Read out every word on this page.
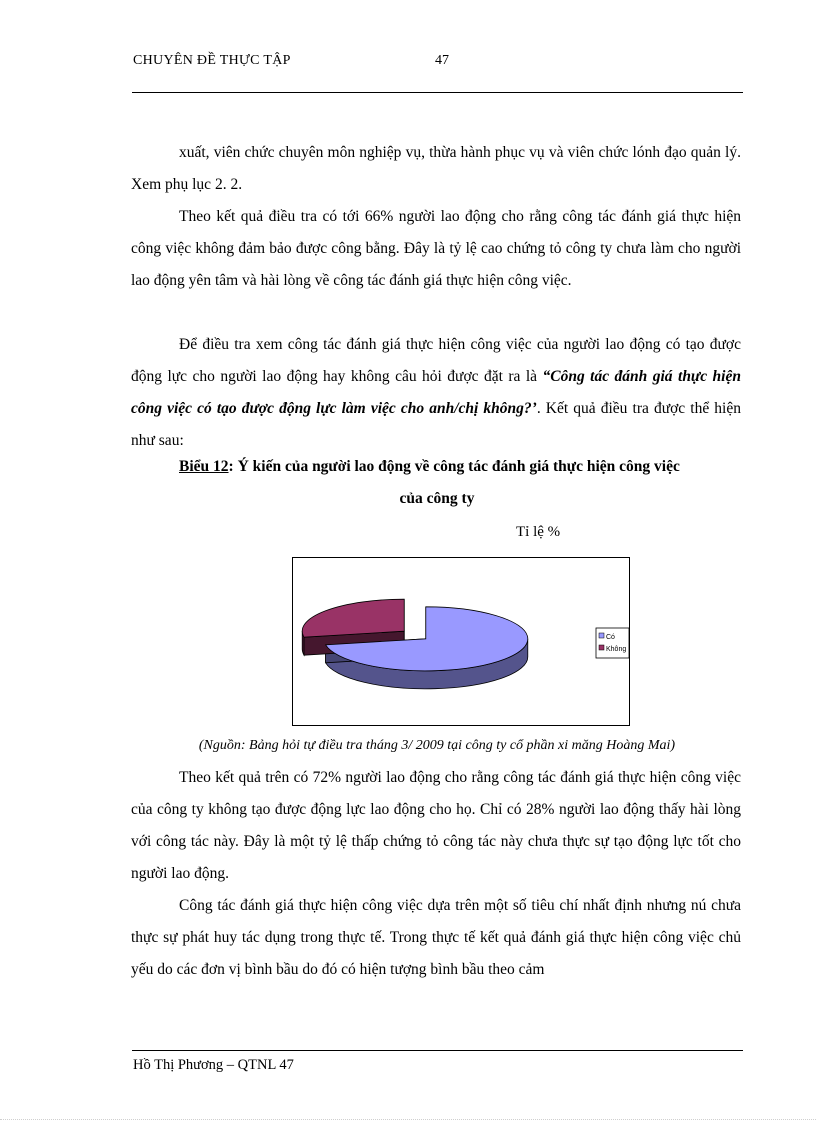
CHUYÊN ĐỀ THỰC TẬP	47

xuất, viên chức chuyên môn nghiệp vụ, thừa hành phục vụ và viên chức lónh đạo quản lý. Xem phụ lục 2. 2.

Theo kết quả điều tra có tới 66% người lao động cho rằng công tác đánh giá thực hiện công việc không đảm bảo được công bằng. Đây là tỷ lệ cao chứng tỏ công ty chưa làm cho người lao động yên tâm và hài lòng về công tác đánh giá thực hiện công việc.

Để điều tra xem công tác đánh giá thực hiện công việc của người lao động có tạo được động lực cho người lao động hay không câu hỏi được đặt ra là “Công tác đánh giá thực hiện công việc có tạo được động lực làm việc cho anh/chị không?’. Kết quả điều tra được thể hiện như sau:

Biểu 12: Ý kiến của người lao động về công tác đánh giá thực hiện công việc
của công ty
Tỉ lệ %
Có
Không
(Nguồn: Bảng hỏi tự điều tra tháng 3/ 2009 tại công ty cổ phần xi măng Hoàng Mai)

Theo kết quả trên có 72% người lao động cho rằng công tác đánh giá thực hiện công việc của công ty không tạo được động lực lao động cho họ. Chỉ có 28% người lao động thấy hài lòng với công tác này. Đây là một tỷ lệ thấp chứng tỏ công tác này chưa thực sự tạo động lực tốt cho người lao động.

Công tác đánh giá thực hiện công việc dựa trên một số tiêu chí nhất định nhưng nú chưa thực sự phát huy tác dụng trong thực tế. Trong thực tế kết quả đánh giá thực hiện công việc chủ yếu do các đơn vị bình bầu do đó có hiện tượng bình bầu theo cảm

Hồ Thị Phương – QTNL 47
